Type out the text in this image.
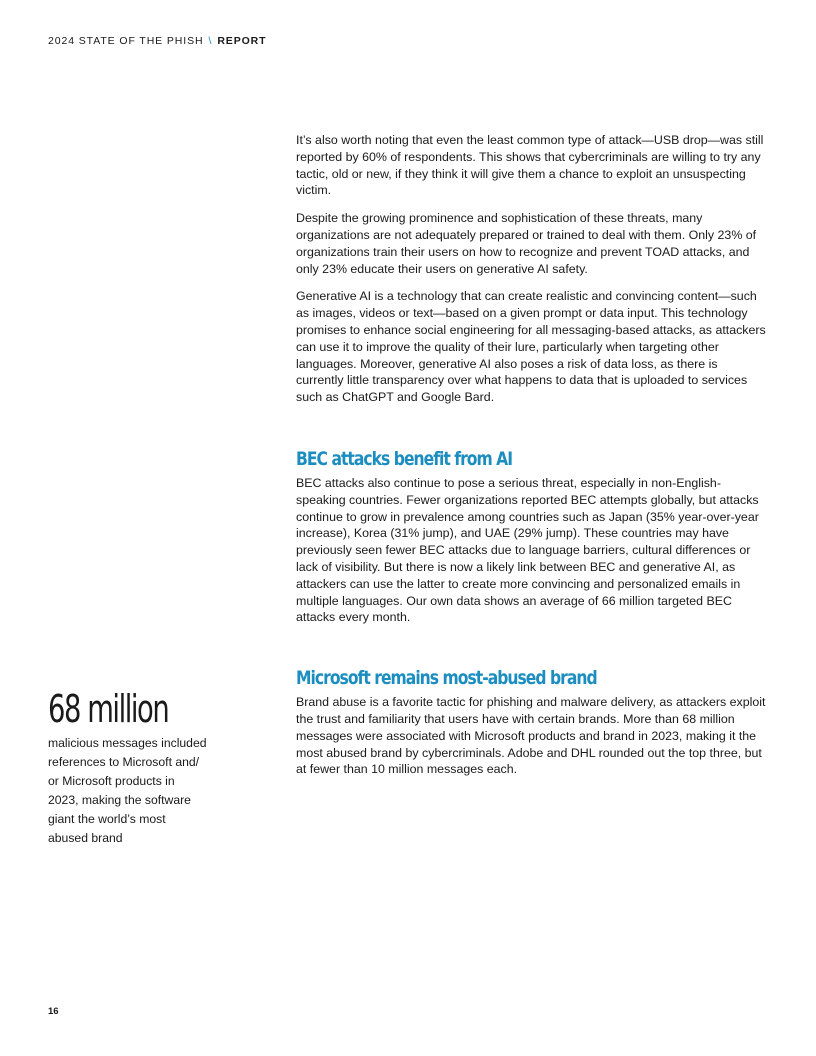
2024 STATE OF THE PHISH \ REPORT

It’s also worth noting that even the least common type of attack—USB drop—was still reported by 60% of respondents. This shows that cybercriminals are willing to try any tactic, old or new, if they think it will give them a chance to exploit an unsuspecting victim.

Despite the growing prominence and sophistication of these threats, many organizations are not adequately prepared or trained to deal with them. Only 23% of organizations train their users on how to recognize and prevent TOAD attacks, and only 23% educate their users on generative AI safety.

Generative AI is a technology that can create realistic and convincing content—such as images, videos or text—based on a given prompt or data input. This technology promises to enhance social engineering for all messaging-based attacks, as attackers can use it to improve the quality of their lure, particularly when targeting other languages. Moreover, generative AI also poses a risk of data loss, as there is currently little transparency over what happens to data that is uploaded to services such as ChatGPT and Google Bard.

BEC attacks benefit from AI

BEC attacks also continue to pose a serious threat, especially in non-English-speaking countries. Fewer organizations reported BEC attempts globally, but attacks continue to grow in prevalence among countries such as Japan (35% year-over-year increase), Korea (31% jump), and UAE (29% jump). These countries may have previously seen fewer BEC attacks due to language barriers, cultural differences or lack of visibility. But there is now a likely link between BEC and generative AI, as attackers can use the latter to create more convincing and personalized emails in multiple languages. Our own data shows an average of 66 million targeted BEC attacks every month.

Microsoft remains most-abused brand

Brand abuse is a favorite tactic for phishing and malware delivery, as attackers exploit the trust and familiarity that users have with certain brands. More than 68 million messages were associated with Microsoft products and brand in 2023, making it the most abused brand by cybercriminals. Adobe and DHL rounded out the top three, but at fewer than 10 million messages each.

68 million
malicious messages included references to Microsoft and/ or Microsoft products in 2023, making the software giant the world’s most abused brand
16
